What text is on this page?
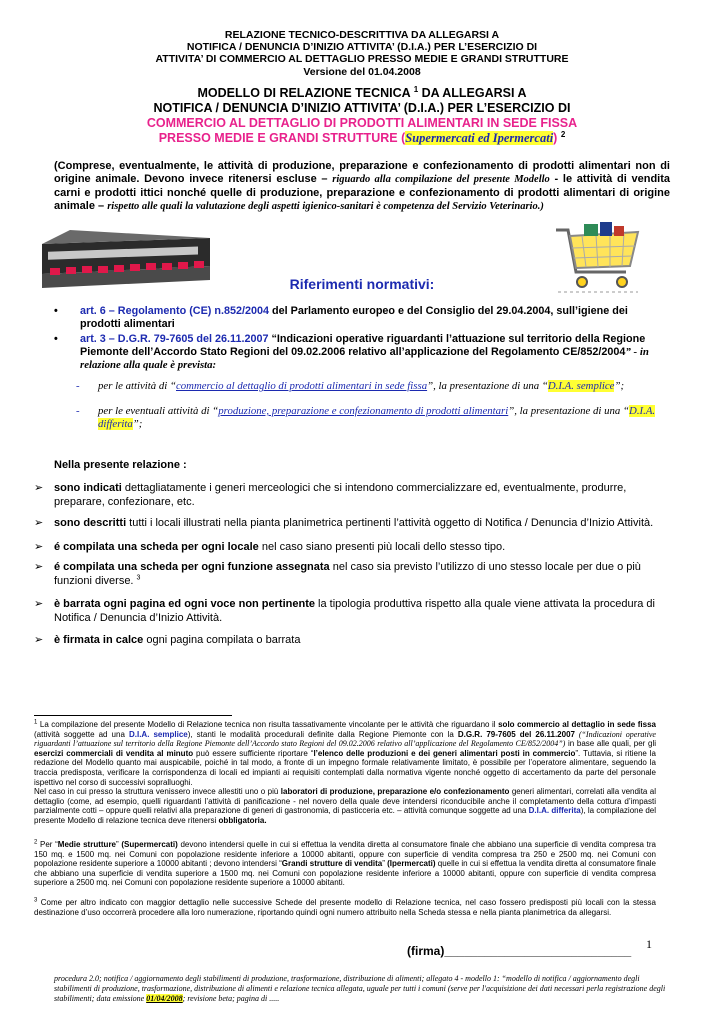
RELAZIONE TECNICO-DESCRITTIVA DA ALLEGARSI A
NOTIFICA / DENUNCIA D’INIZIO ATTIVITA’ (D.I.A.) PER L’ESERCIZIO DI
ATTIVITA’ DI COMMERCIO AL DETTAGLIO PRESSO MEDIE E GRANDI STRUTTURE
Versione del 01.04.2008
MODELLO DI RELAZIONE TECNICA $^1$ DA ALLEGARSI A
NOTIFICA / DENUNCIA D’INIZIO ATTIVITA’ (D.I.A.) PER L’ESERCIZIO DI
COMMERCIO AL DETTAGLIO DI PRODOTTI ALIMENTARI IN SEDE FISSA
PRESSO MEDIE E GRANDI STRUTTURE (Supermercati ed Ipermercati) $^2$
(Comprese, eventualmente, le attività di produzione, preparazione e confezionamento di prodotti alimentari non di origine animale. Devono invece ritenersi escluse – riguardo alla compilazione del presente Modello - le attività di vendita carni e prodotti ittici nonché quelle di produzione, preparazione e confezionamento di prodotti alimentari di origine animale – rispetto alle quali la valutazione degli aspetti igienico-sanitari è competenza del Servizio Veterinario.)
Riferimenti normativi:
• art. 6 – Regolamento (CE) n.852/2004 del Parlamento europeo e del Consiglio del 29.04.2004, sull’igiene dei prodotti alimentari
• art. 3 – D.G.R. 79-7605 del 26.11.2007 “Indicazioni operative riguardanti l’attuazione sul territorio della Regione Piemonte dell’Accordo Stato Regioni del 09.02.2006 relativo all’applicazione del Regolamento CE/852/2004” - in relazione alla quale è prevista:
- per le attività di “commercio al dettaglio di prodotti alimentari in sede fissa”, la presentazione di una “D.I.A. semplice”;
- per le eventuali attività di “produzione, preparazione e confezionamento di prodotti alimentari”, la presentazione di una “D.I.A. differita”;
Nella presente relazione :
➢ sono indicati dettagliatamente i generi merceologici che si intendono commercializzare ed, eventualmente, produrre, preparare, confezionare, etc.
➢ sono descritti tutti i locali illustrati nella pianta planimetrica pertinenti l’attività oggetto di Notifica / Denuncia d’Inizio Attività.
➢ é compilata una scheda per ogni locale nel caso siano presenti più locali dello stesso tipo.
➢ é compilata una scheda per ogni funzione assegnata nel caso sia previsto l’utilizzo di uno stesso locale per due o più funzioni diverse. $^3$
➢ è barrata ogni pagina ed ogni voce non pertinente la tipologia produttiva rispetto alla quale viene attivata la procedura di Notifica / Denuncia d’Inizio Attività.
➢ è firmata in calce ogni pagina compilata o barrata
$^1$ La compilazione del presente Modello di Relazione tecnica non risulta tassativamente vincolante per le attività che riguardano il solo commercio al dettaglio in sede fissa (attività soggette ad una D.I.A. semplice), stanti le modalità procedurali definite dalla Regione Piemonte con la D.G.R. 79-7605 del 26.11.2007 (“Indicazioni operative riguardanti l’attuazione sul territorio della Regione Piemonte dell’Accordo stato Regioni del 09.02.2006 relativo all’applicazione del Regolamento CE/852/2004”) in base alle quali, per gli esercizi commerciali di vendita al minuto può essere sufficiente riportare “l’elenco delle produzioni e dei generi alimentari posti in commercio”. Tuttavia, si ritiene la redazione del Modello quanto mai auspicabile, poiché in tal modo, a fronte di un impegno formale relativamente limitato, è possibile per l’operatore alimentare, seguendo la traccia predisposta, verificare la corrispondenza di locali ed impianti ai requisiti contemplati dalla normativa vigente nonché oggetto di accertamento da parte del personale ispettivo nel corso di successivi sopralluoghi.
Nel caso in cui presso la struttura venissero invece allestiti uno o più laboratori di produzione, preparazione e/o confezionamento generi alimentari, correlati alla vendita al dettaglio (come, ad esempio, quelli riguardanti l’attività di panificazione - nel novero della quale deve intendersi riconducibile anche il completamento della cottura d’impasti parzialmente cotti – oppure quelli relativi alla preparazione di generi di gastronomia, di pasticceria etc. – attività comunque soggette ad una D.I.A. differita), la compilazione del presente Modello di relazione tecnica deve ritenersi obbligatoria.
$^2$ Per “Medie strutture” (Supermercati) devono intendersi quelle in cui si effettua la vendita diretta al consumatore finale che abbiano una superficie di vendita compresa tra 150 mq. e 1500 mq. nei Comuni con popolazione residente inferiore a 10000 abitanti, oppure con superficie di vendita compresa tra 250 e 2500 mq. nei Comuni con popolazione residente superiore a 10000 abitanti ; devono intendersi “Grandi strutture di vendita” (Ipermercati) quelle in cui si effettua la vendita diretta al consumatore finale che abbiano una superficie di vendita superiore a 1500 mq. nei Comuni con popolazione residente inferiore a 10000 abitanti, oppure con superficie di vendita compresa superiore a 2500 mq. nei Comuni con popolazione residente superiore a 10000 abitanti.
$^3$ Come per altro indicato con maggior dettaglio nelle successive Schede del presente modello di Relazione tecnica, nel caso fossero predisposti più locali con la stessa destinazione d’uso occorrerà procedere alla loro numerazione, riportando quindi ogni numero attribuito nella Scheda stessa e nella pianta planimetrica da allegarsi.
(firma)____________________________ 1
procedura 2.0; notifica / aggiornamento degli stabilimenti di produzione, trasformazione, distribuzione di alimenti; allegato 4 - modello 1: “modello di notifica / aggiornamento degli stabilimenti di produzione, trasformazione, distribuzione di alimenti e relazione tecnica allegata, uguale per tutti i comuni (serve per l'acquisizione dei dati necessari perla registrazione degli stabilimenti; data emissione 01/04/2008; revisione beta; pagina di .....
